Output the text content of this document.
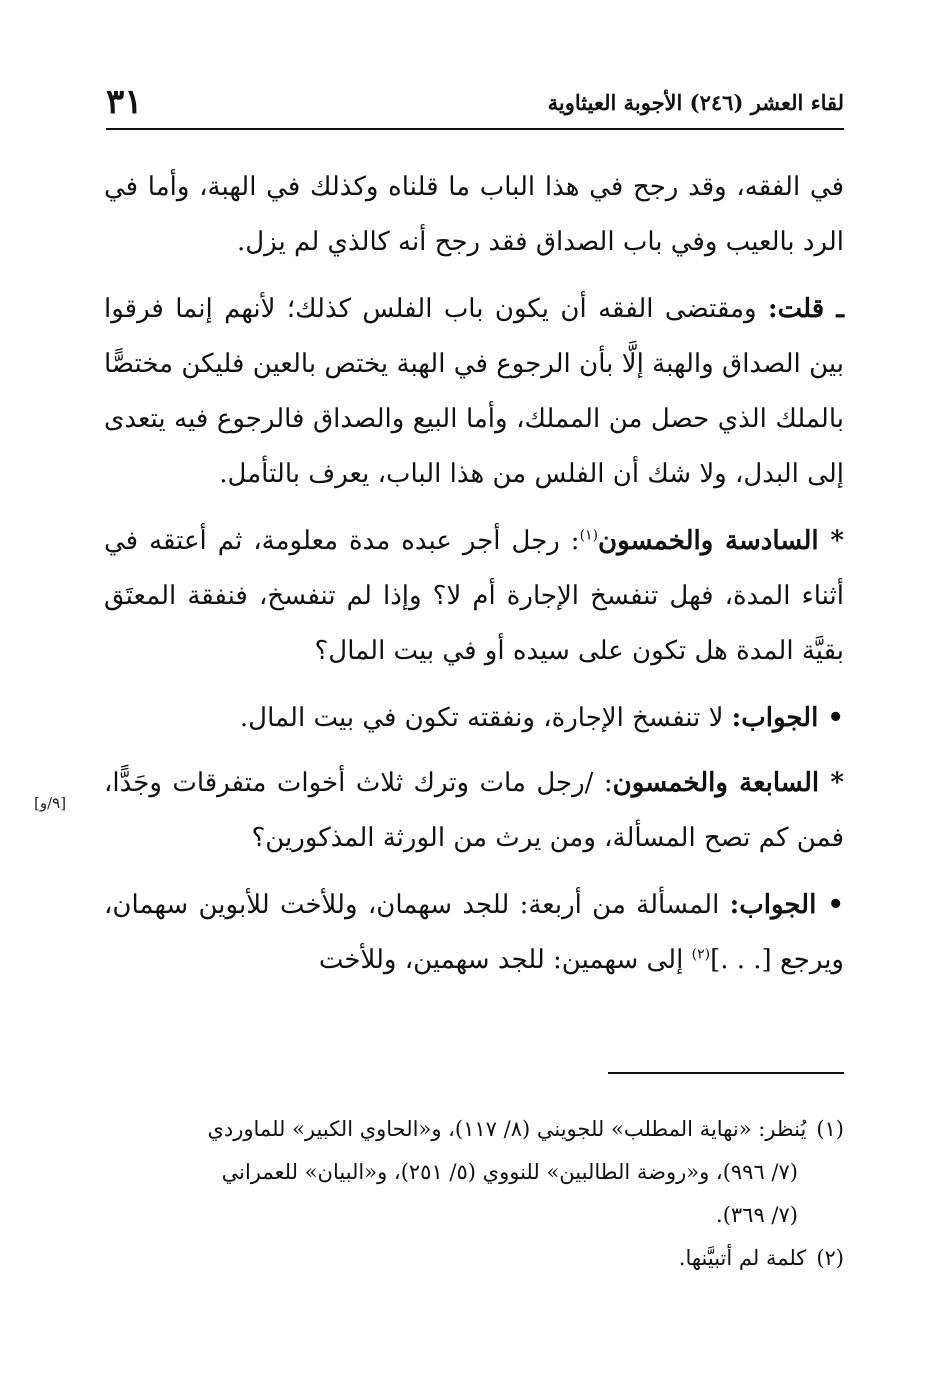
٣١	لقاء العشر (٢٤٦) الأجوبة العيثاوية

في الفقه، وقد رجح في هذا الباب ما قلناه وكذلك في الهبة، وأما في الرد بالعيب وفي باب الصداق فقد رجح أنه كالذي لم يزل.

ـ قلت: ومقتضى الفقه أن يكون باب الفلس كذلك؛ لأنهم إنما فرقوا بين الصداق والهبة إلَّا بأن الرجوع في الهبة يختص بالعين فليكن مختصًّا بالملك الذي حصل من المملك، وأما البيع والصداق فالرجوع فيه يتعدى إلى البدل، ولا شك أن الفلس من هذا الباب، يعرف بالتأمل.

* السادسة والخمسون$^{(١)}$: رجل أجر عبده مدة معلومة، ثم أعتقه في أثناء المدة، فهل تنفسخ الإجارة أم لا؟ وإذا لم تنفسخ، فنفقة المعتَق بقيَّة المدة هل تكون على سيده أو في بيت المال؟

• الجواب: لا تنفسخ الإجارة، ونفقته تكون في بيت المال.

* السابعة والخمسون: /رجل مات وترك ثلاث أخوات متفرقات وجَدًّا، فمن كم تصح المسألة، ومن يرث من الورثة المذكورين؟

• الجواب: المسألة من أربعة: للجد سهمان، وللأخت للأبوين سهمان، ويرجع [. . .]$^{(٢)}$ إلى سهمين: للجد سهمين، وللأخت

[٩/و]

(١)يُنظر: «نهاية المطلب» للجويني (٨/ ١١٧)، و«الحاوي الكبير» للماوردي

(٧/ ٩٩٦)، و«روضة الطالبين» للنووي (٥/ ٢٥١)، و«البيان» للعمراني

(٧/ ٣٦٩).

(٢)كلمة لم أتبيَّنها.
